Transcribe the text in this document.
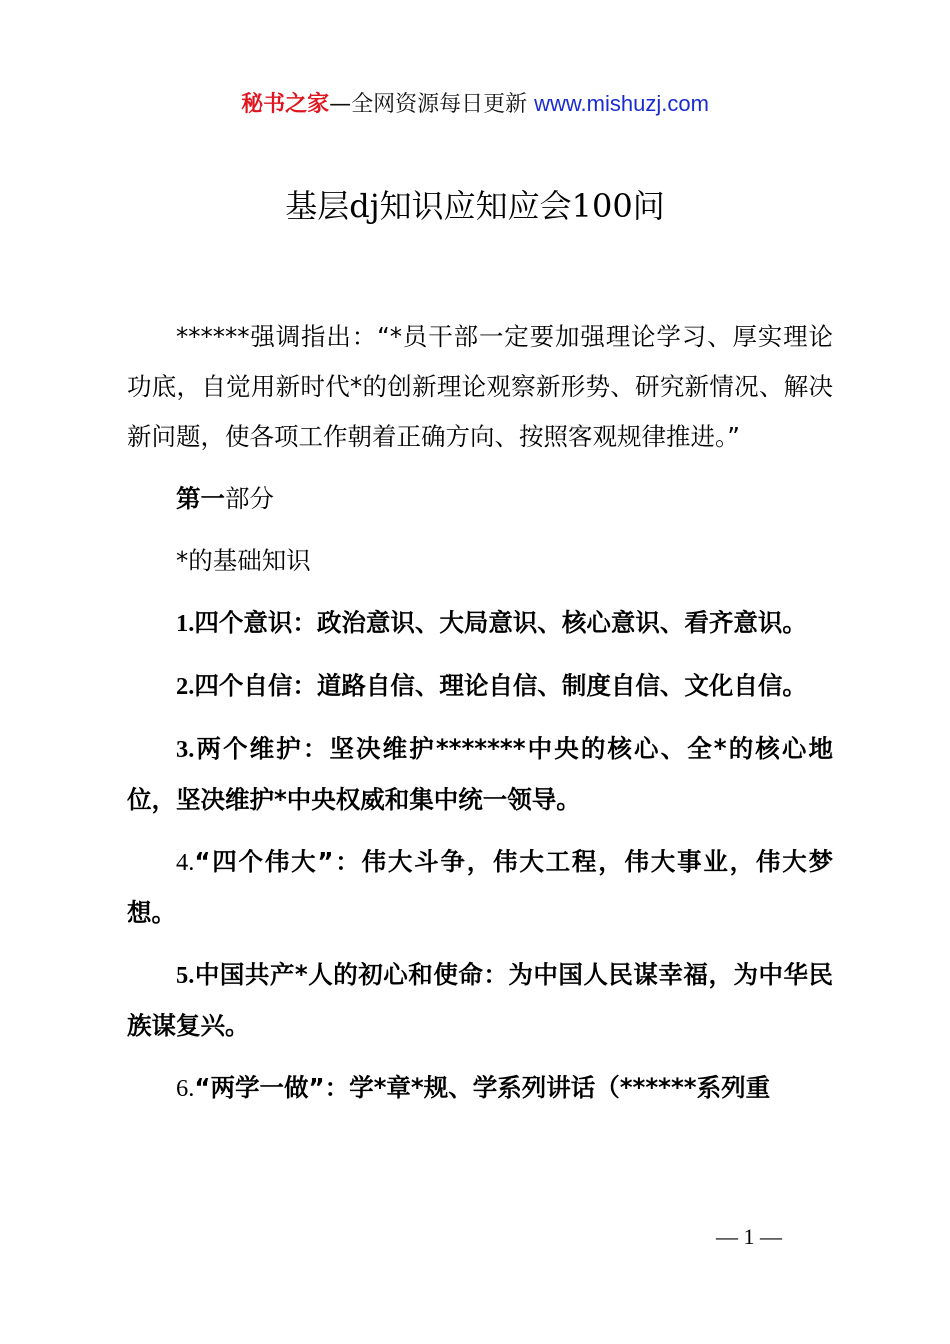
秘书之家—全网资源每日更新 www.mishuzj.com
基层dj知识应知应会100问

******强调指出：“*员干部一定要加强理论学习、厚实理论功底，自觉用新时代*的创新理论观察新形势、研究新情况、解决新问题，使各项工作朝着正确方向、按照客观规律推进。”

第一部分

*的基础知识

1.四个意识：政治意识、大局意识、核心意识、看齐意识。

2.四个自信：道路自信、理论自信、制度自信、文化自信。

3.两个维护：坚决维护*******中央的核心、全*的核心地位，坚决维护*中央权威和集中统一领导。

4.“四个伟大”：伟大斗争，伟大工程，伟大事业，伟大梦想。

5.中国共产*人的初心和使命：为中国人民谋幸福，为中华民族谋复兴。

6.“两学一做”：学*章*规、学系列讲话（******系列重

— 1 —
